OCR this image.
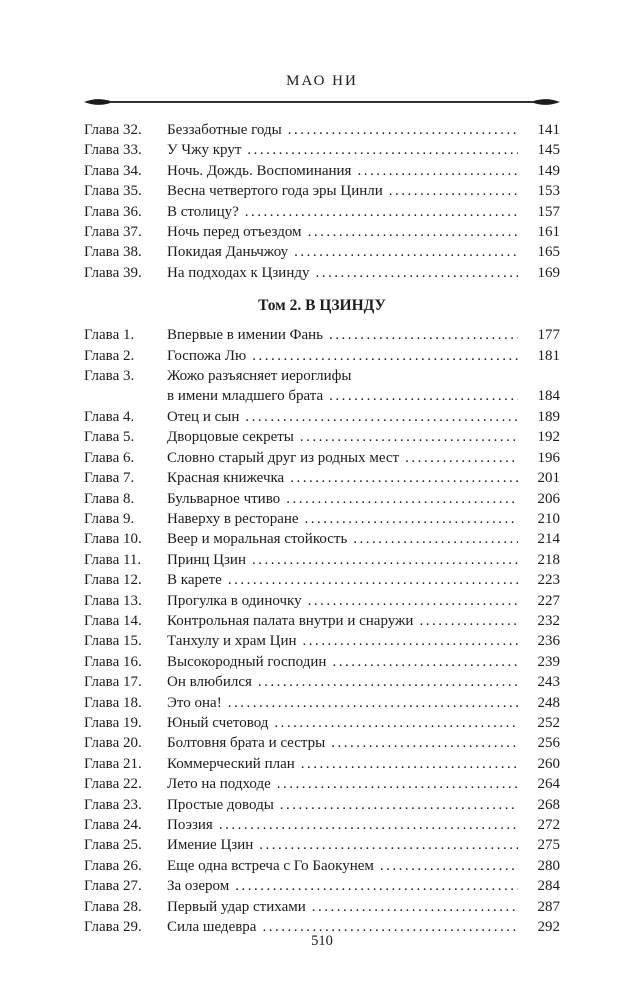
МАО НИ
Глава 32.	Беззаботные годы .....	141
Глава 33.	У Чжу крут .....	145
Глава 34.	Ночь. Дождь. Воспоминания .....	149
Глава 35.	Весна четвертого года эры Цинли .....	153
Глава 36.	В столицу? .....	157
Глава 37.	Ночь перед отъездом .....	161
Глава 38.	Покидая Даньчжоу .....	165
Глава 39.	На подходах к Цзинду .....	169
Том 2. В ЦЗИНДУ
Глава 1.	Впервые в имении Фань .....	177
Глава 2.	Госпожа Лю .....	181
Глава 3.	Жожо разъясняет иероглифы
в имени младшего брата .....	184
Глава 4.	Отец и сын .....	189
Глава 5.	Дворцовые секреты .....	192
Глава 6.	Словно старый друг из родных мест .....	196
Глава 7.	Красная книжечка .....	201
Глава 8.	Бульварное чтиво .....	206
Глава 9.	Наверху в ресторане .....	210
Глава 10.	Веер и моральная стойкость .....	214
Глава 11.	Принц Цзин .....	218
Глава 12.	В карете .....	223
Глава 13.	Прогулка в одиночку .....	227
Глава 14.	Контрольная палата внутри и снаружи .....	232
Глава 15.	Танхулу и храм Цин .....	236
Глава 16.	Высокородный господин .....	239
Глава 17.	Он влюбился .....	243
Глава 18.	Это она! .....	248
Глава 19.	Юный счетовод .....	252
Глава 20.	Болтовня брата и сестры .....	256
Глава 21.	Коммерческий план .....	260
Глава 22.	Лето на подходе .....	264
Глава 23.	Простые доводы .....	268
Глава 24.	Поэзия .....	272
Глава 25.	Имение Цзин .....	275
Глава 26.	Еще одна встреча с Го Баокунем .....	280
Глава 27.	За озером .....	284
Глава 28.	Первый удар стихами .....	287
Глава 29.	Сила шедевра .....	292
510
